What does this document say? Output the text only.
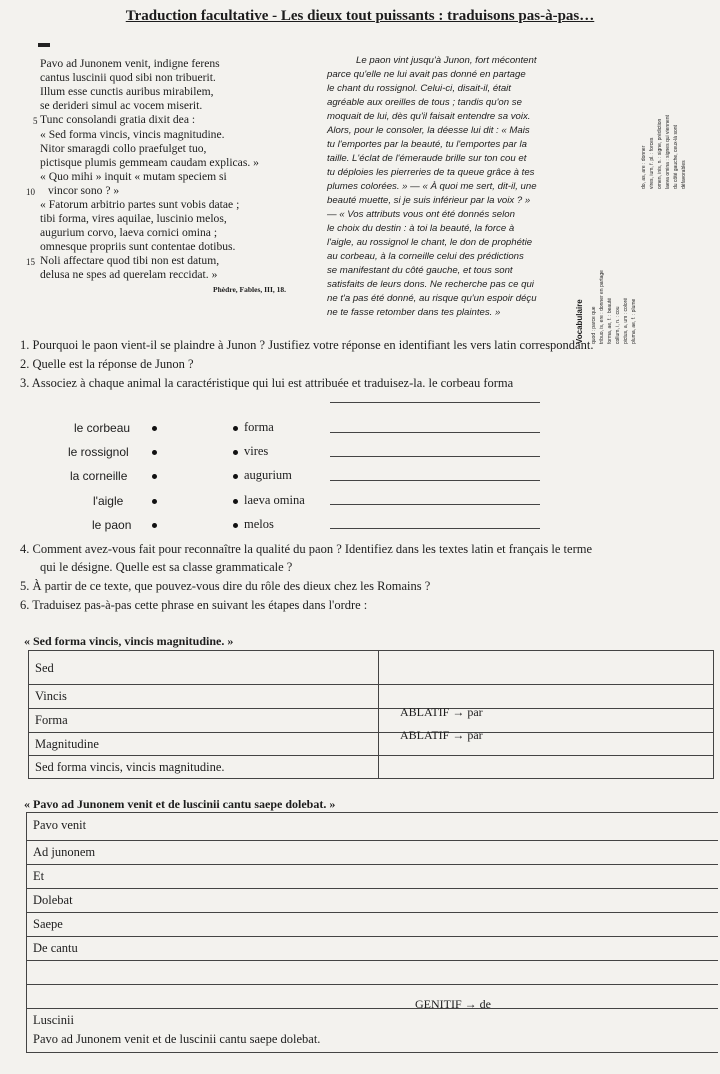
Traduction facultative - Les dieux tout puissants : traduisons pas-à-pas…
Pavo ad Junonem venit, indigne ferens
cantus luscinii quod sibi non tribuerit.
Illum esse cunctis auribus mirabilem,
se derideri simul ac vocem miserit.
Tunc consolandi gratia dixit dea :
« Sed forma vincis, vincis magnitudine.
Nitor smaragdi collo praefulget tuo,
pictisque plumis gemmeam caudam explicas. »
« Quo mihi » inquit « mutam speciem si
vincor sono ? »
« Fatorum arbitrio partes sunt vobis datae ;
tibi forma, vires aquilae, luscinio melos,
augurium corvo, laeva cornici omina ;
omnesque propriis sunt contentae dotibus.
Noli affectare quod tibi non est datum,
delusa ne spes ad querelam reccidat. »
5
10
15
Phèdre, Fables, III, 18.
Le paon vint jusqu'à Junon, fort mécontent
parce qu'elle ne lui avait pas donné en partage
le chant du rossignol. Celui-ci, disait-il, était
agréable aux oreilles de tous ; tandis qu'on se
moquait de lui, dès qu'il faisait entendre sa voix.
Alors, pour le consoler, la déesse lui dit : « Mais
tu l'emportes par la beauté, tu l'emportes par la
taille. L'éclat de l'émeraude brille sur ton cou et
tu déploies les pierreries de ta queue grâce à tes
plumes colorées. » — « À quoi me sert, dit-il, une
beauté muette, si je suis inférieur par la voix ? »
— « Vos attributs vous ont été donnés selon
le choix du destin : à toi la beauté, la force à
l'aigle, au rossignol le chant, le don de prophétie
au corbeau, à la corneille celui des prédictions
se manifestant du côté gauche, et tous sont
satisfaits de leurs dons. Ne recherche pas ce qui
ne t'a pas été donné, au risque qu'un espoir déçu
ne te fasse retomber dans tes plaintes. »	Vocabulaire quod : parce que tribuo, is, ere : donner en partage forma, ae, f. : beauté collum, i, n. : cou pictus, a, um : coloré pluma, ae, f. : plume
do, as, are : donner vires, ium, f. pl. : forces omen, inis, n. : signe, prédiction laeva omina : signes qui viennent du côté gauche, ceux-là sont défavorables
1. Pourquoi le paon vient-il se plaindre à Junon ? Justifiez votre réponse en identifiant les vers latin correspondant.
2. Quelle est la réponse de Junon ?
3. Associez à chaque animal la caractéristique qui lui est attribuée et traduisez-la. le corbeau forma
le corbeau
le rossignol
la corneille
l'aigle
le paon
forma
vires
augurium
laeva omina
melos
4. Comment avez-vous fait pour reconnaître la qualité du paon ? Identifiez dans les textes latin et français le terme
qui le désigne. Quelle est sa classe grammaticale ?
5. À partir de ce texte, que pouvez-vous dire du rôle des dieux chez les Romains ?
6. Traduisez pas-à-pas cette phrase en suivant les étapes dans l'ordre :
« Sed forma vincis, vincis magnitudine. »
Sed
Vincis
Forma
Magnitudine
Sed forma vincis, vincis magnitudine.
ABLATIF → par
ABLATIF → par
« Pavo ad Junonem venit et de luscinii cantu saepe dolebat. »
Pavo venit
Ad junonem
Et
Dolebat
Saepe
De cantu
Luscinii
Pavo ad Junonem venit et de luscinii cantu saepe dolebat.
GENITIF → de
